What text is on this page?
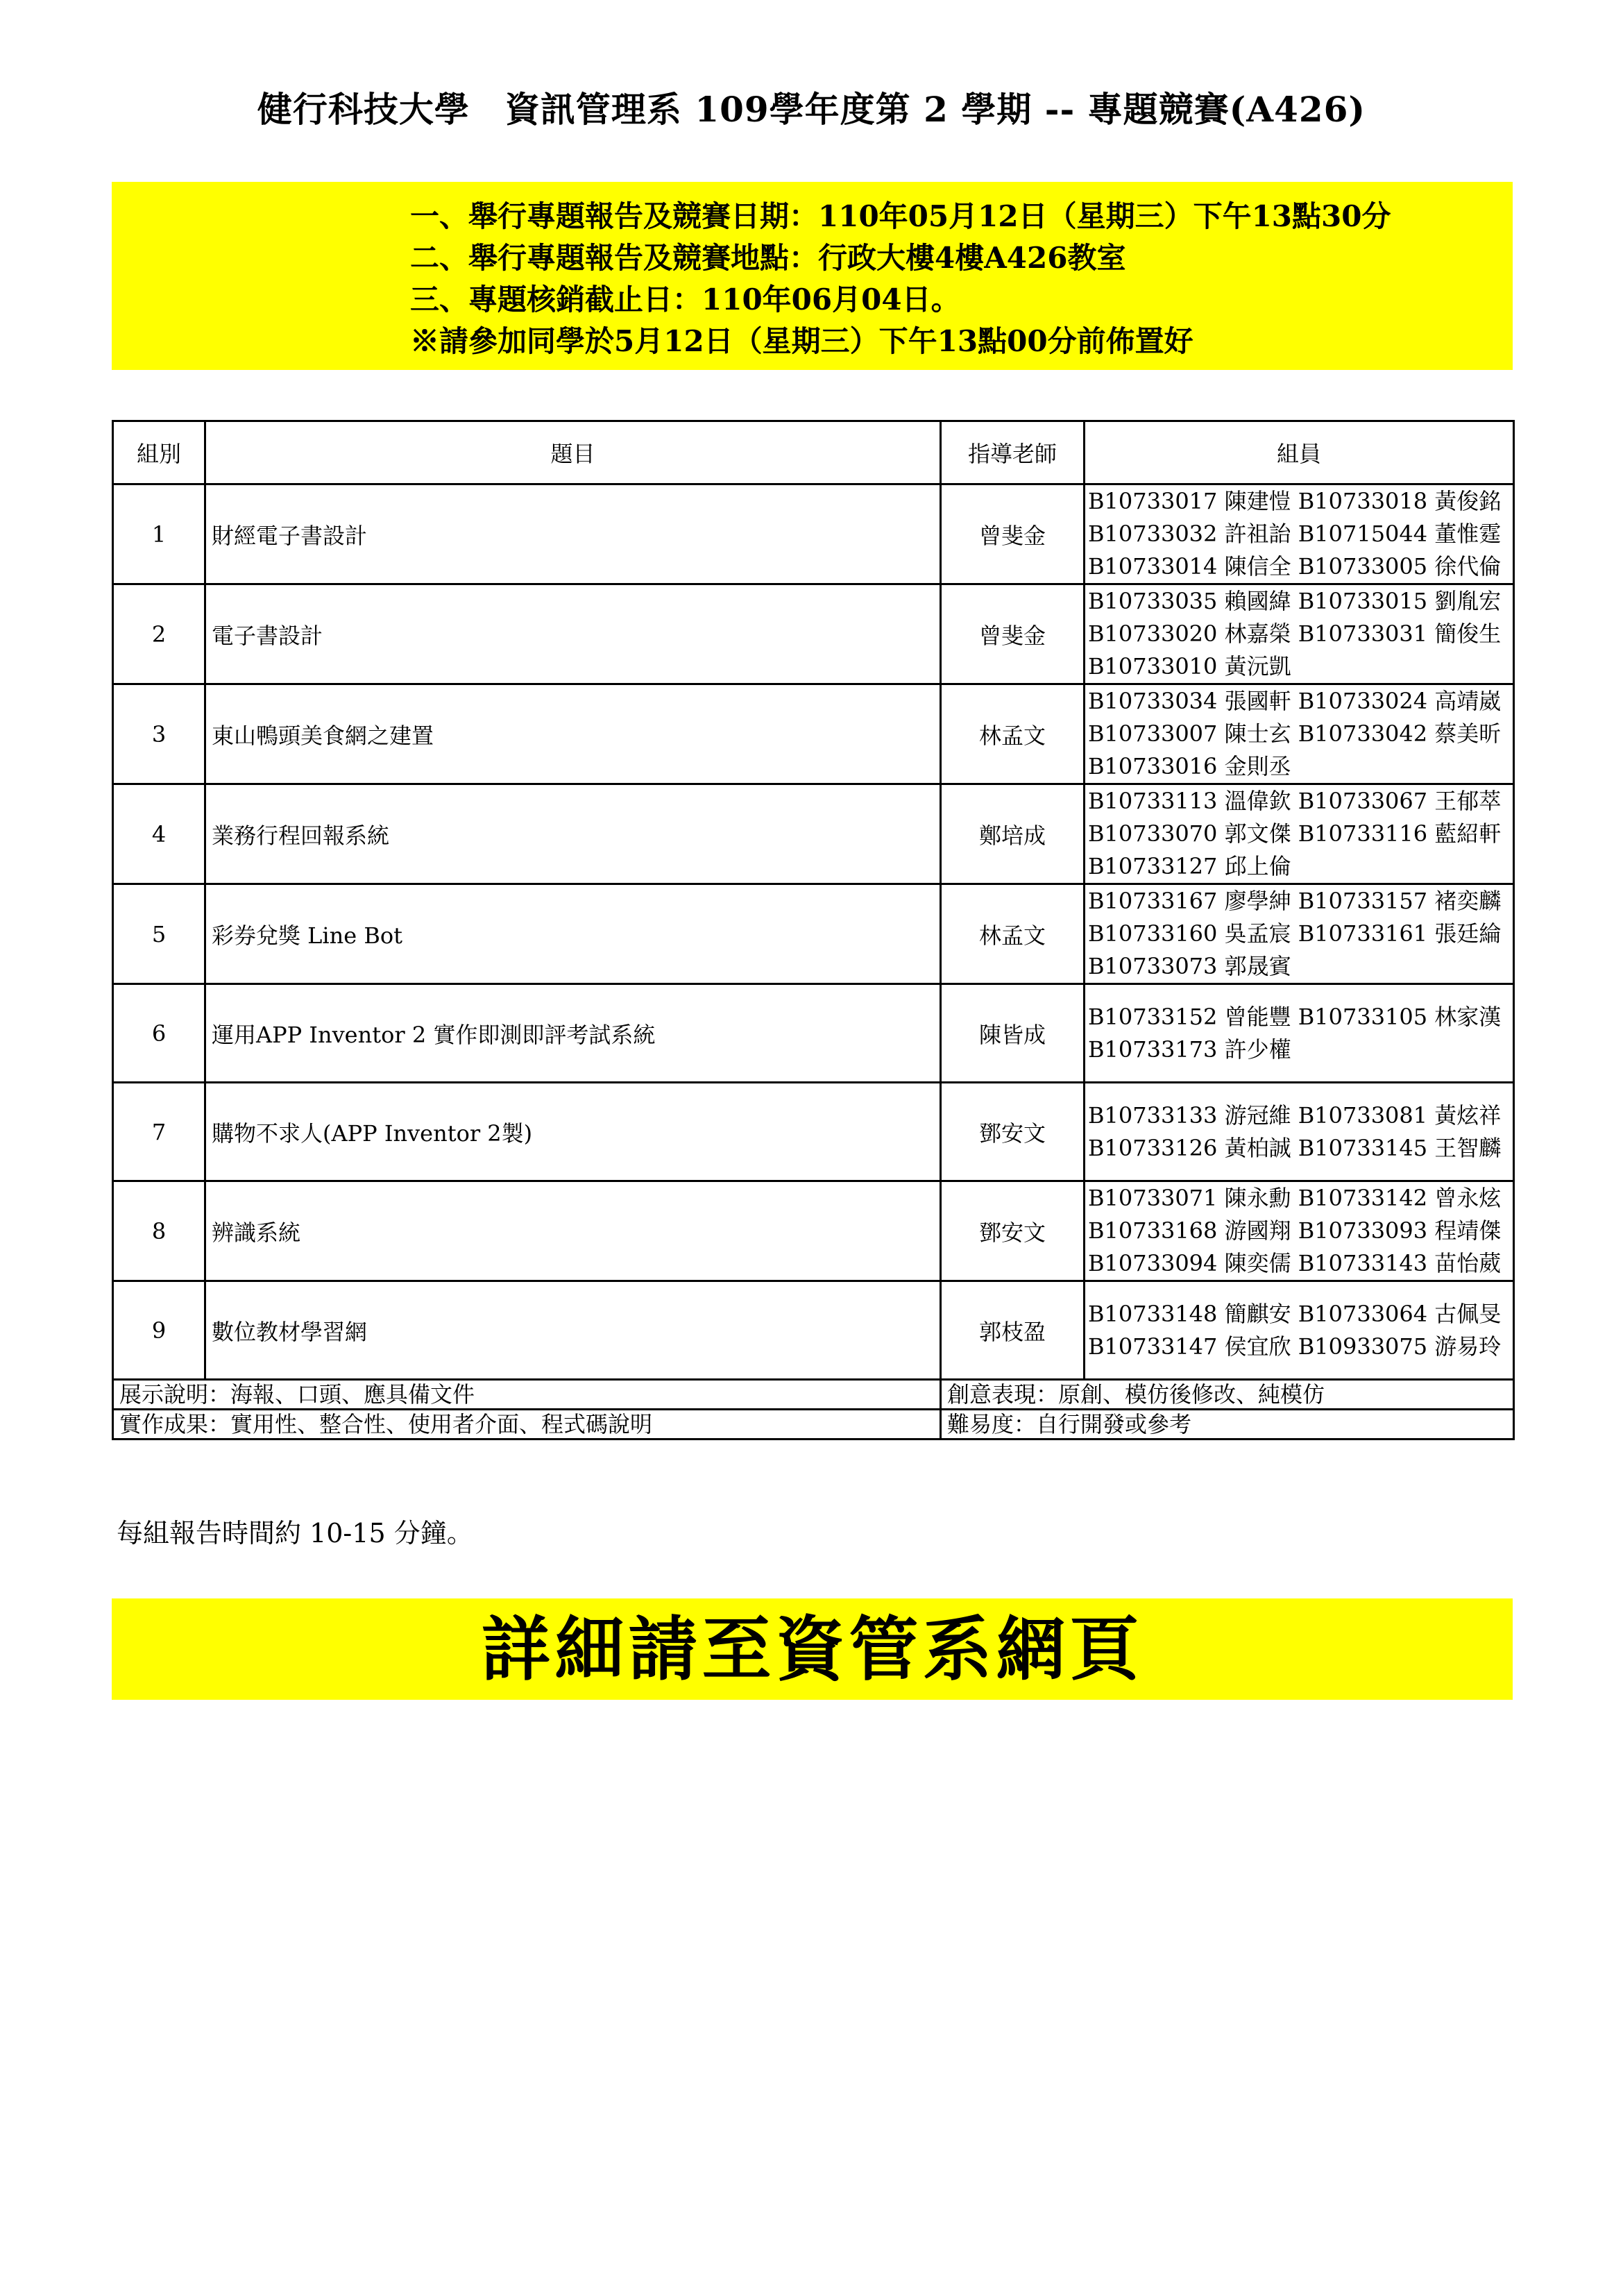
健行科技大學　資訊管理系 109學年度第 2 學期 -- 專題競賽(A426)
一、舉行專題報告及競賽日期：110年05月12日（星期三）下午13點30分
二、舉行專題報告及競賽地點：行政大樓4樓A426教室
三、專題核銷截止日：110年06月04日。
※請參加同學於5月12日（星期三）下午13點00分前佈置好
組別	題目	指導老師	組員
1	財經電子書設計	曾斐金	B10733017 陳建愷 B10733018 黃俊銘
B10733032 許祖詒 B10715044 董惟霆
B10733014 陳信全 B10733005 徐代倫

2	電子書設計	曾斐金	B10733035 賴國緯 B10733015 劉胤宏
B10733020 林嘉榮 B10733031 簡俊生
B10733010 黃沅凱

3	東山鴨頭美食網之建置	林孟文	B10733034 張國軒 B10733024 高靖崴
B10733007 陳士玄 B10733042 蔡美昕
B10733016 金則丞

4	業務行程回報系統	鄭培成	B10733113 溫偉欽 B10733067 王郁萃
B10733070 郭文傑 B10733116 藍紹軒
B10733127 邱上倫

5	彩券兌獎 Line Bot	林孟文	B10733167 廖學紳 B10733157 褚奕麟
B10733160 吳孟宸 B10733161 張廷綸
B10733073 郭晟賓

6	運用APP Inventor 2 實作即測即評考試系統	陳皆成	B10733152 曾能豐 B10733105 林家漢
B10733173 許少權

7	購物不求人(APP Inventor 2製)	鄧安文	B10733133 游冠維 B10733081 黃炫祥
B10733126 黃柏誠 B10733145 王智麟

8	辨識系統	鄧安文	B10733071 陳永勳 B10733142 曾永炫
B10733168 游國翔 B10733093 程靖傑
B10733094 陳奕儒 B10733143 苗怡葳

9	數位教材學習網	郭枝盈	B10733148 簡麒安 B10733064 古佩旻
B10733147 侯宜欣 B10933075 游易玲

展示說明：海報、口頭、應具備文件		創意表現：原創、模仿後修改、純模仿	
實作成果：實用性、整合性、使用者介面、程式碼說明		難易度：自行開發或參考	
每組報告時間約 10-15 分鐘。
詳細請至資管系網頁
